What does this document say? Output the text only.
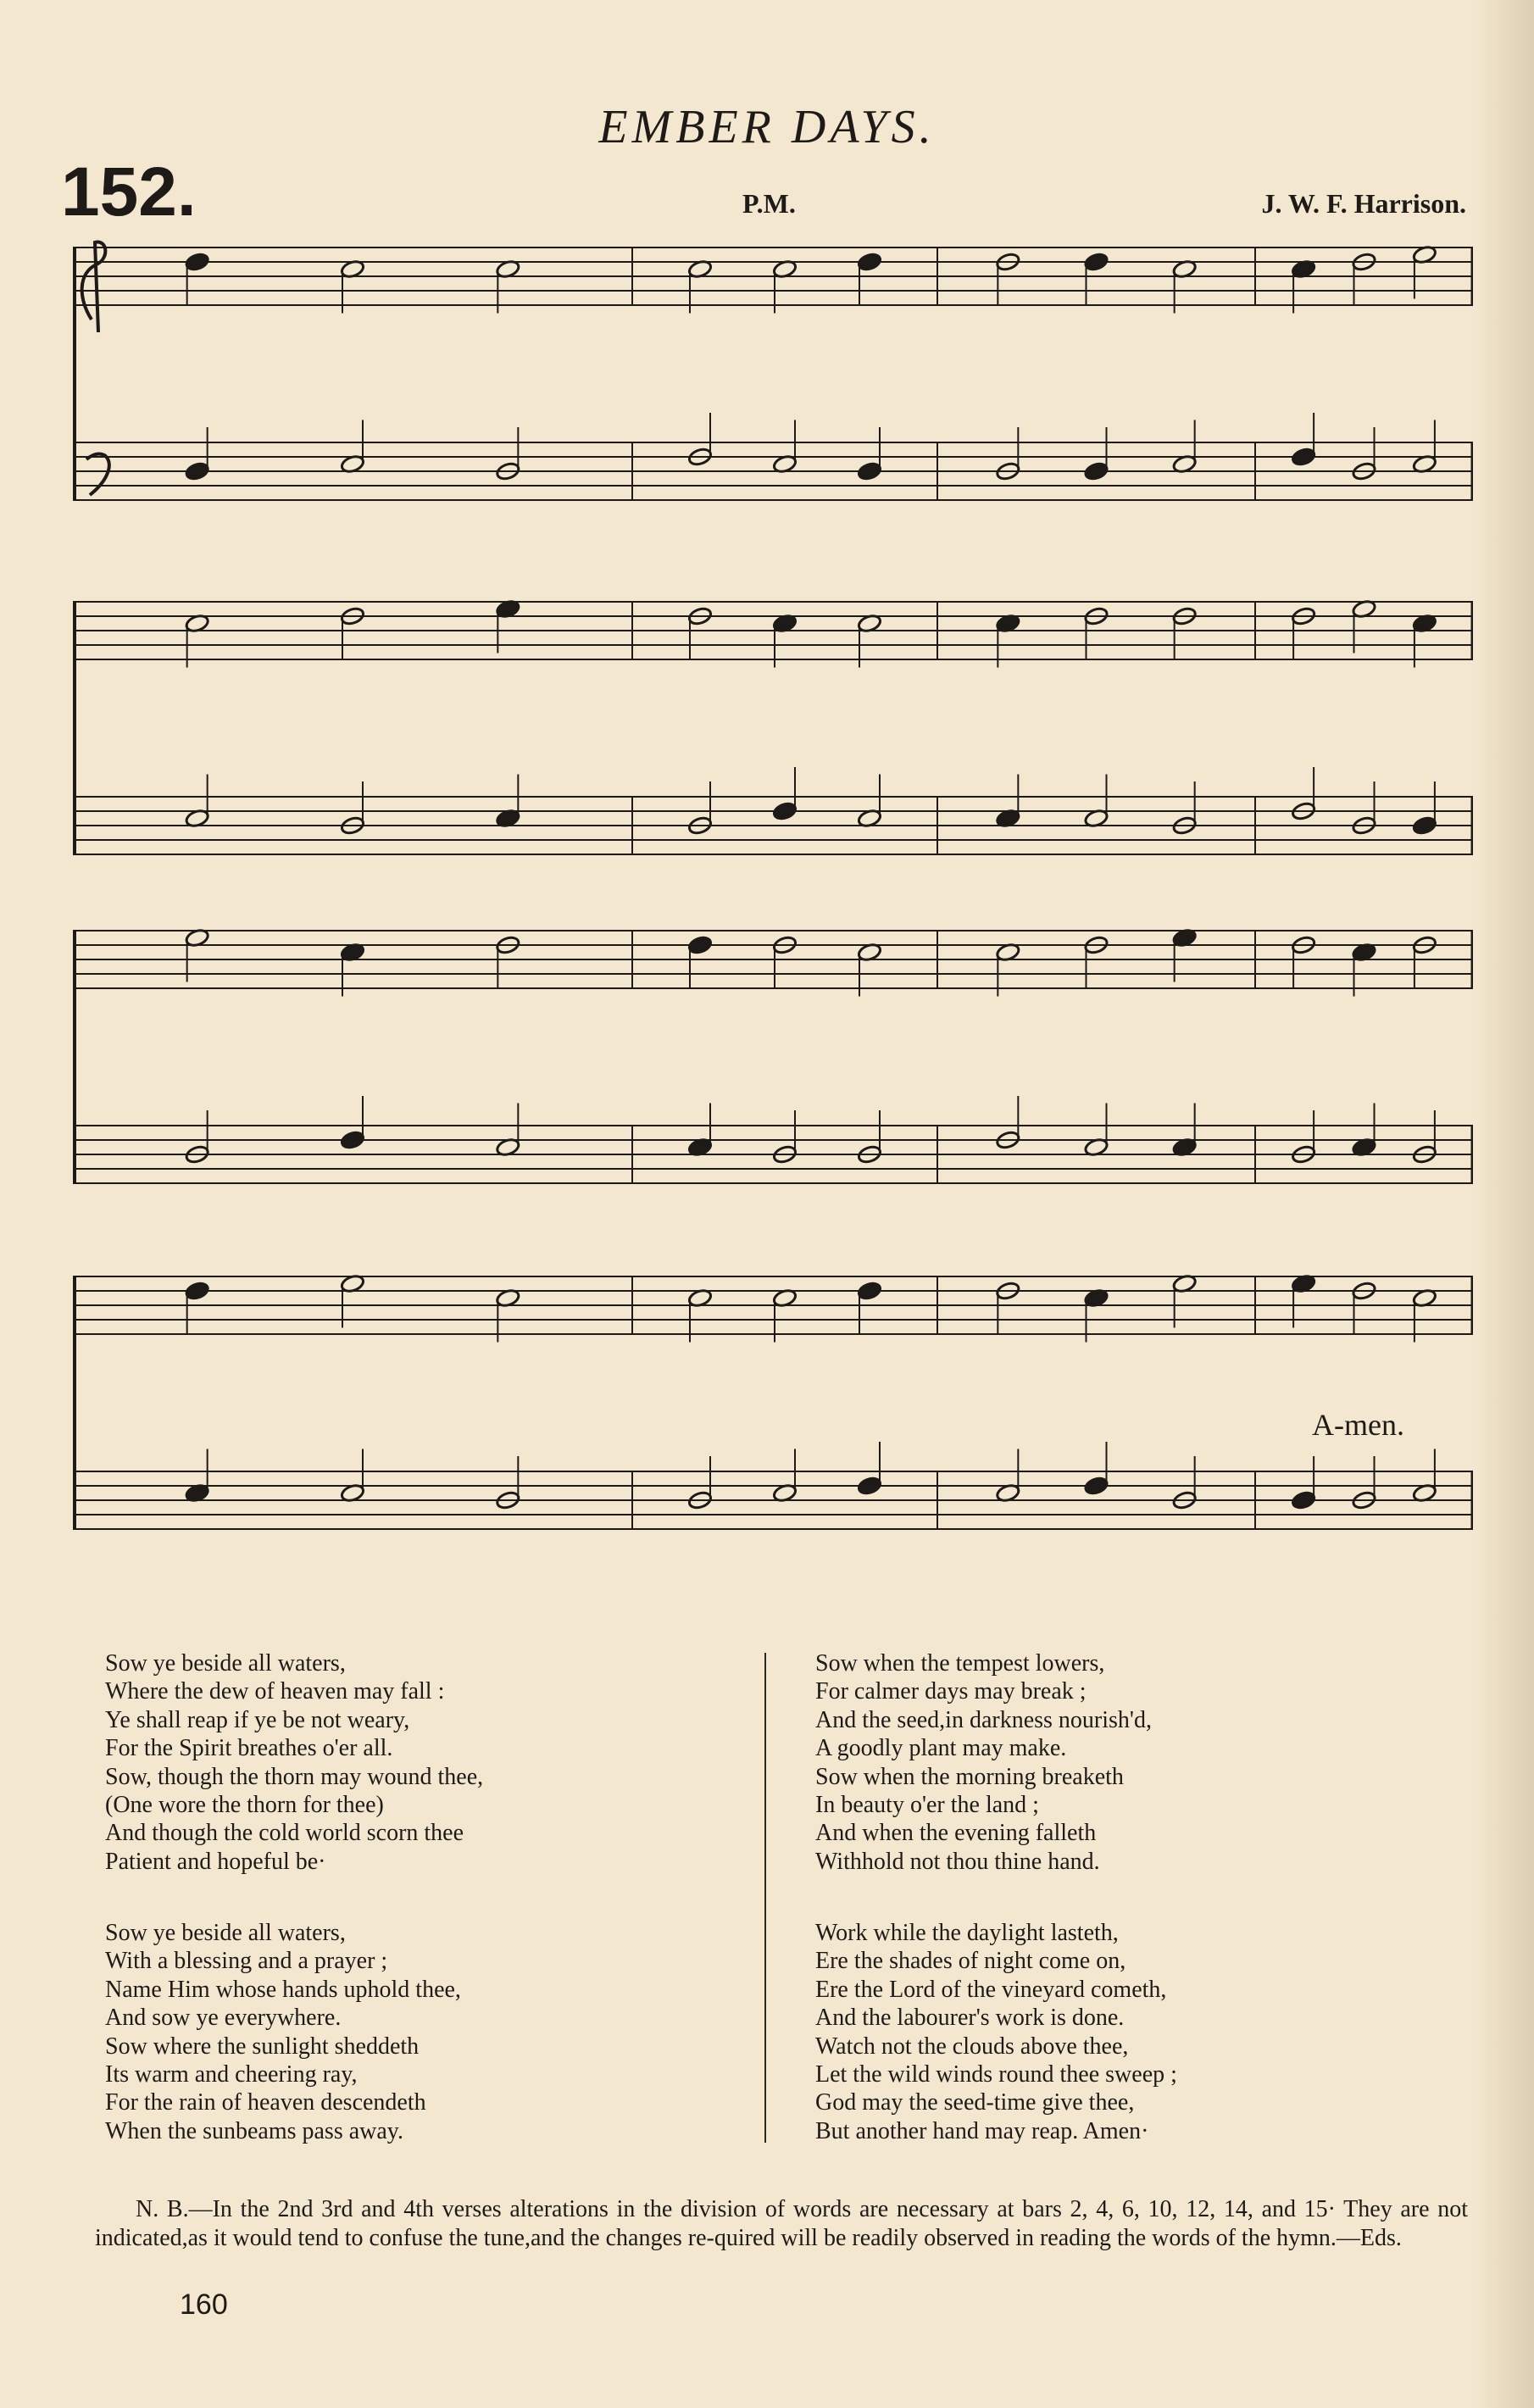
EMBER DAYS.
152.	P.M.	J. W. F. Harrison.
A-men.
Sow ye beside all waters,
Where the dew of heaven may fall :
Ye shall reap if ye be not weary,
For the Spirit breathes o'er all.
Sow, though the thorn may wound thee,
(One wore the thorn for thee)
And though the cold world scorn thee
Patient and hopeful be·
Sow when the tempest lowers,
For calmer days may break ;
And the seed,in darkness nourish'd,
A goodly plant may make.
Sow when the morning breaketh
In beauty o'er the land ;
And when the evening falleth
Withhold not thou thine hand.
Sow ye beside all waters,
With a blessing and a prayer ;
Name Him whose hands uphold thee,
And sow ye everywhere.
Sow where the sunlight sheddeth
Its warm and cheering ray,
For the rain of heaven descendeth
When the sunbeams pass away.
Work while the daylight lasteth,
Ere the shades of night come on,
Ere the Lord of the vineyard cometh,
And the labourer's work is done.
Watch not the clouds above thee,
Let the wild winds round thee sweep ;
God may the seed-time give thee,
But another hand may reap. Amen·
N. B.—In the 2nd 3rd and 4th verses alterations in the division of words are necessary at bars 2, 4, 6, 10, 12, 14, and 15· They are not indicated,as it would tend to confuse the tune,and the changes re-quired will be readily observed in reading the words of the hymn.—Eds.
160
